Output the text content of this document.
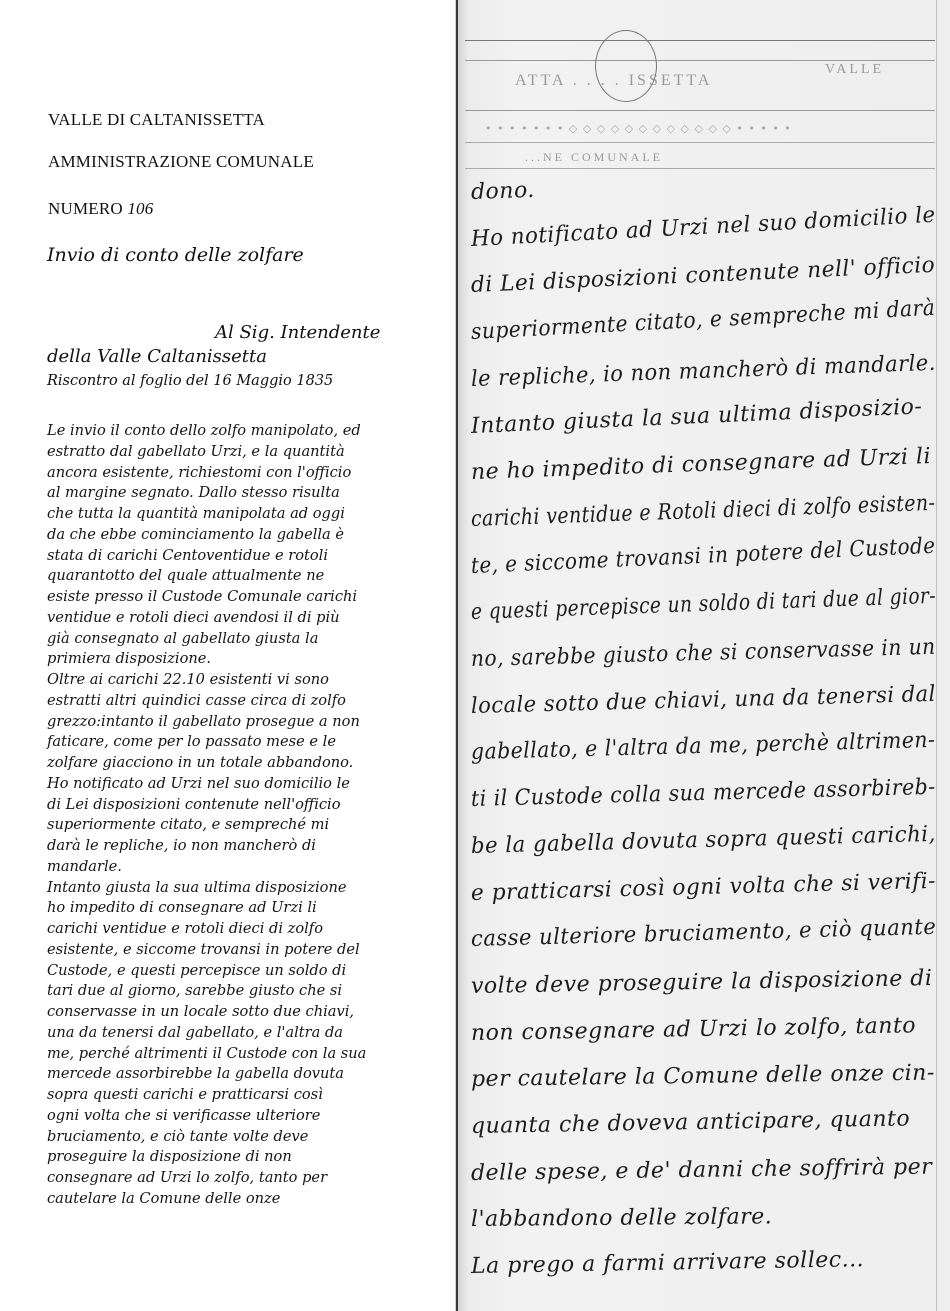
VALLE DI CALTANISSETTA
AMMINISTRAZIONE COMUNALE
NUMERO 106
Invio di conto delle zolfare
Al Sig. Intendente
della Valle Caltanissetta
Riscontro al foglio del 16 Maggio 1835
Le invio il conto dello zolfo manipolato, ed
estratto dal gabellato Urzi, e la quantità
ancora esistente, richiestomi con l'officio
al margine segnato. Dallo stesso risulta
che tutta la quantità manipolata ad oggi
da che ebbe cominciamento la gabella è
stata di carichi Centoventidue e rotoli
quarantotto del quale attualmente ne
esiste presso il Custode Comunale carichi
ventidue e rotoli dieci avendosi il di più
già consegnato al gabellato giusta la
primiera disposizione.
Oltre ai carichi 22.10 esistenti vi sono
estratti altri quindici casse circa di zolfo
grezzo:intanto il gabellato prosegue a non
faticare, come per lo passato mese e le
zolfare giacciono in un totale abbandono.
Ho notificato ad Urzi nel suo domicilio le
di Lei disposizioni contenute nell'officio
superiormente citato, e sempreché mi
darà le repliche, io non mancherò di
mandarle.
Intanto giusta la sua ultima disposizione
ho impedito di consegnare ad Urzi li
carichi ventidue e rotoli dieci di zolfo
esistente, e siccome trovansi in potere del
Custode, e questi percepisce un soldo di
tari due al giorno, sarebbe giusto che si
conservasse in un locale sotto due chiavi,
una da tenersi dal gabellato, e l'altra da
me, perché altrimenti il Custode con la sua
mercede assorbirebbe la gabella dovuta
sopra questi carichi e pratticarsi così
ogni volta che si verificasse ulteriore
bruciamento, e ciò tante volte deve
proseguire la disposizione di non
consegnare ad Urzi lo zolfo, tanto per
cautelare la Comune delle onze
ATTA . . . . ISSETTA
VALLE
• • • • • • • ◇ ◇ ◇ ◇ ◇ ◇ ◇ ◇ ◇ ◇ ◇ ◇ • • • • •
...NE COMUNALE
dono.
Ho notificato ad Urzi nel suo domicilio le
di Lei disposizioni contenute nell' officio
superiormente citato, e sempreche mi darà
le repliche, io non mancherò di mandarle.
Intanto giusta la sua ultima disposizio-
ne ho impedito di consegnare ad Urzi li
carichi ventidue e Rotoli dieci di zolfo esisten-
te, e siccome trovansi in potere del Custode
e questi percepisce un soldo di tari due al gior-
no, sarebbe giusto che si conservasse in un
locale sotto due chiavi, una da tenersi dal
gabellato, e l'altra da me, perchè altrimen-
ti il Custode colla sua mercede assorbireb-
be la gabella dovuta sopra questi carichi,
e pratticarsi così ogni volta che si verifi-
casse ulteriore bruciamento, e ciò quante
volte deve proseguire la disposizione di
non consegnare ad Urzi lo zolfo, tanto
per cautelare la Comune delle onze cin-
quanta che doveva anticipare, quanto
delle spese, e de' danni che soffrirà per
l'abbandono delle zolfare.
La prego a farmi arrivare sollec...
